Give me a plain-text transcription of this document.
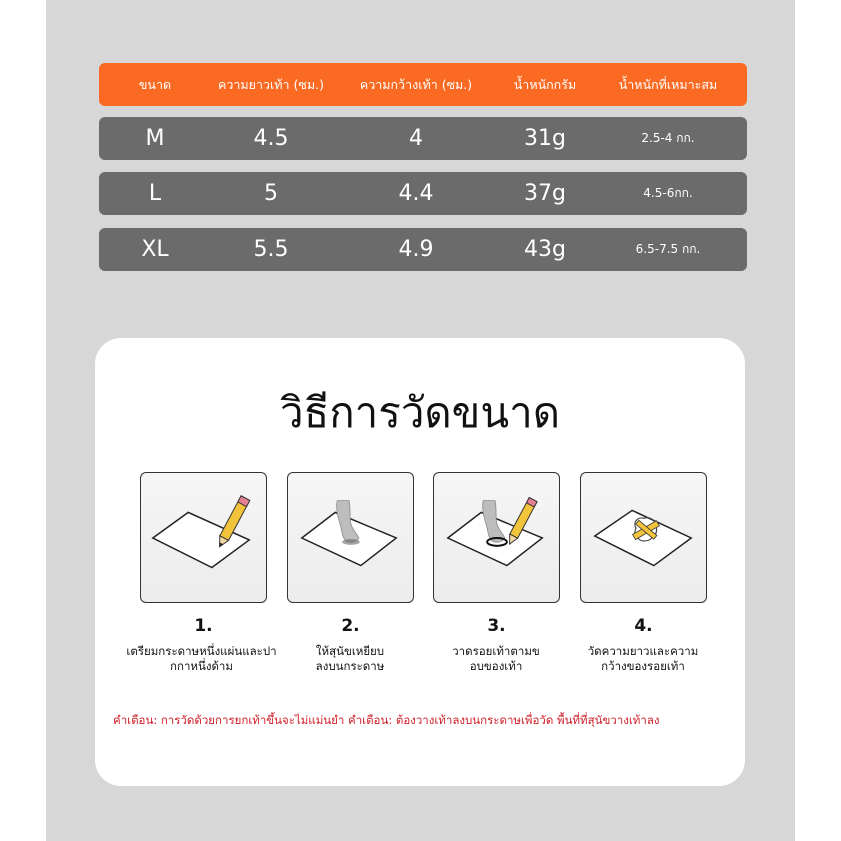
ขนาด	ความยาวเท้า (ซม.)	ความกว้างเท้า (ซม.)	น้ำหนักกรัม	น้ำหนักที่เหมาะสม
M	4.5	4	31g	2.5-4 กก.
L	5	4.4	37g	4.5-6กก.
XL	5.5	4.9	43g	6.5-7.5 กก.
วิธีการวัดขนาด
1.
เตรียมกระดาษหนึ่งแผ่นและปา
กกาหนึ่งด้าม
2.
ให้สุนัขเหยียบ
ลงบนกระดาษ
3.
วาดรอยเท้าตามข
อบของเท้า
4.
วัดความยาวและความ
กว้างของรอยเท้า
คำเตือน: การวัดด้วยการยกเท้าขึ้นจะไม่แม่นยำ คำเตือน: ต้องวางเท้าลงบนกระดาษเพื่อวัด พื้นที่ที่สุนัขวางเท้าลง
